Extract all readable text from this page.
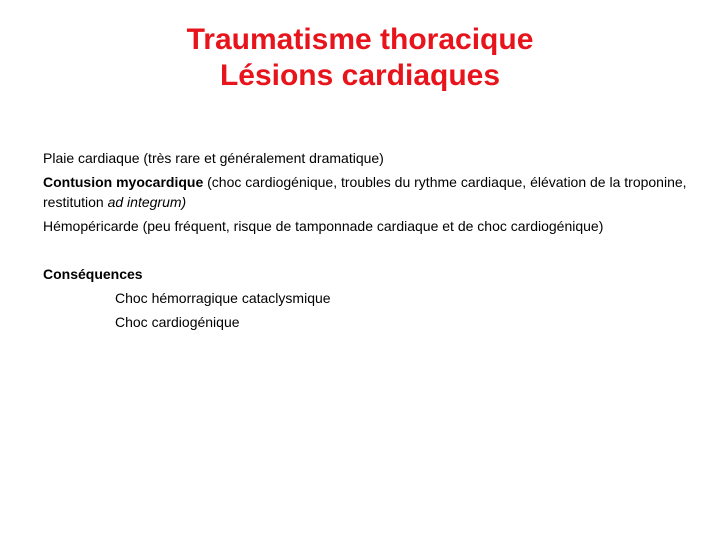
Traumatisme thoracique
Lésions cardiaques

Plaie cardiaque (très rare et généralement dramatique)

Contusion myocardique (choc cardiogénique, troubles du rythme cardiaque, élévation de la troponine, restitution ad integrum)

Hémopéricarde (peu fréquent, risque de tamponnade cardiaque et de choc cardiogénique)

Conséquences

Choc hémorragique cataclysmique

Choc cardiogénique
